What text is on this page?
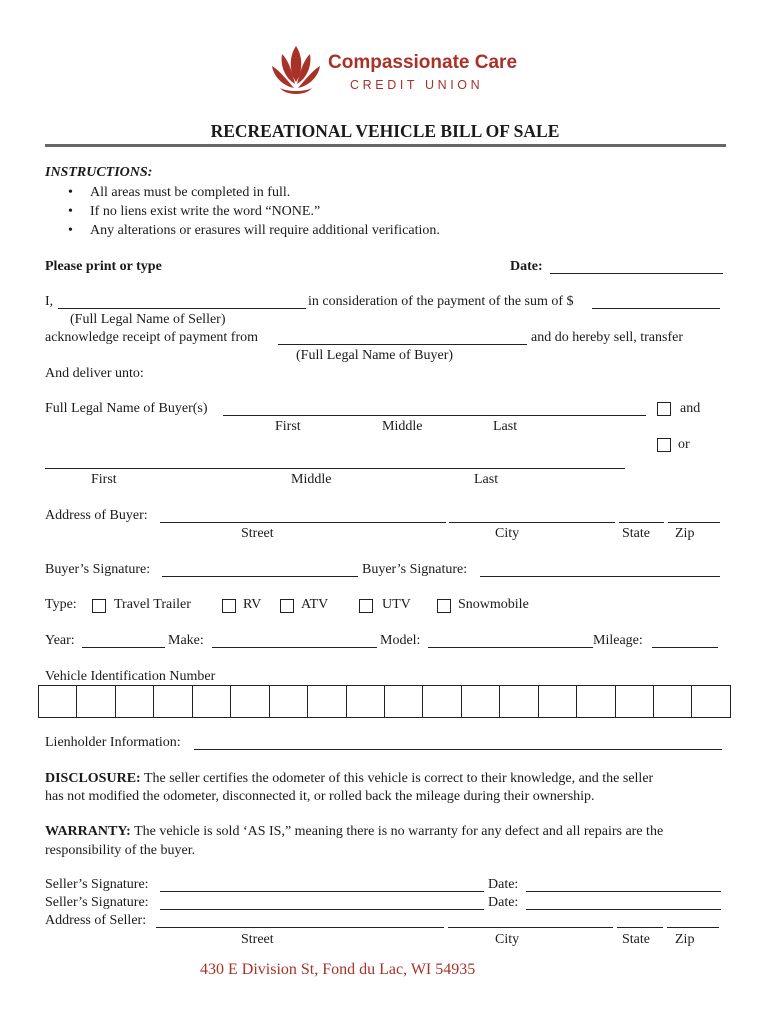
Compassionate Care
CREDIT UNION
RECREATIONAL VEHICLE BILL OF SALE
INSTRUCTIONS:
• All areas must be completed in full.
• If no liens exist write the word “NONE.”
• Any alterations or erasures will require additional verification.
Please print or type	Date:
I,	in consideration of the payment of the sum of $
(Full Legal Name of Seller)
acknowledge receipt of payment from	and do hereby sell, transfer
(Full Legal Name of Buyer)
And deliver unto:
Full Legal Name of Buyer(s)	and
First	Middle	Last
or
First	Middle	Last
Address of Buyer:
Street	City	State Zip
Buyer’s Signature:	Buyer’s Signature:
Type:	Travel Trailer	RV	ATV	UTV	Snowmobile
Year:	Make:	Model:	Mileage:
Vehicle Identification Number
Lienholder Information:
DISCLOSURE: The seller certifies the odometer of this vehicle is correct to their knowledge, and the seller
has not modified the odometer, disconnected it, or rolled back the mileage during their ownership.
WARRANTY: The vehicle is sold ‘AS IS,” meaning there is no warranty for any defect and all repairs are the
responsibility of the buyer.
Seller’s Signature:	Date:
Seller’s Signature:	Date:
Address of Seller:
Street	City	State Zip
430 E Division St, Fond du Lac, WI 54935
